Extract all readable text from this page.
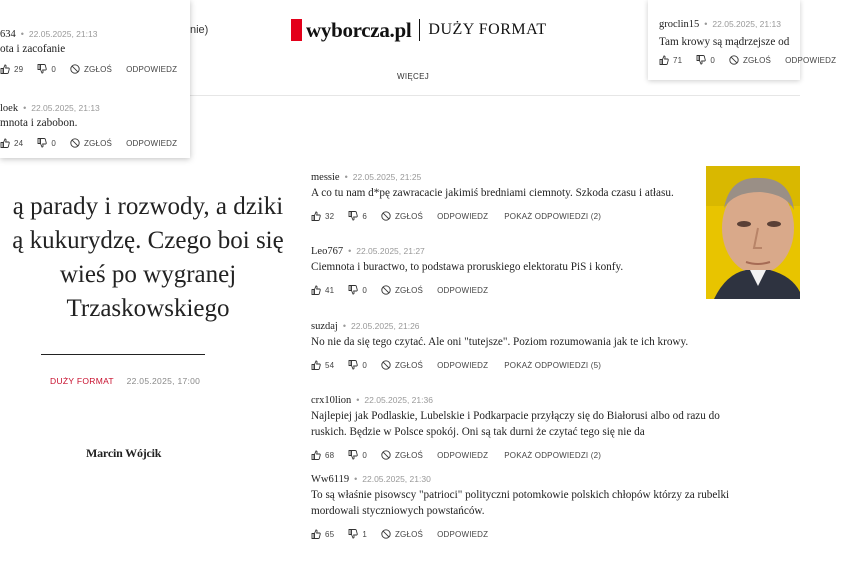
nie)	wyborcza.pl DUŻY FORMAT
WIĘCEJ
ą parady i rozwody, a dziki
ą kukurydzę. Czego boi się
wieś po wygranej
Trzaskowskiego
DUŻY FORMAT 22.05.2025, 17:00
Marcin Wójcik
messie • 22.05.2025, 21:25
A co tu nam d*pę zawracacie jakimiś bredniami ciemnoty. Szkoda czasu i atłasu.
32	6	ZGŁOŚ ODPOWIEDZ POKAŻ ODPOWIEDZI (2)
Leo767 • 22.05.2025, 21:27
Ciemnota i buractwo, to podstawa proruskiego elektoratu PiS i konfy.
41	0	ZGŁOŚ ODPOWIEDZ
suzdaj • 22.05.2025, 21:26
No nie da się tego czytać. Ale oni "tutejsze". Poziom rozumowania jak te ich krowy.
54	0	ZGŁOŚ ODPOWIEDZ POKAŻ ODPOWIEDZI (5)
crx10lion • 22.05.2025, 21:36
Najlepiej jak Podlaskie, Lubelskie i Podkarpacie przyłączy się do Białorusi albo od razu do
ruskich. Będzie w Polsce spokój. Oni są tak durni że czytać tego się nie da
68	0	ZGŁOŚ ODPOWIEDZ POKAŻ ODPOWIEDZI (2)
Ww6119 • 22.05.2025, 21:30
To są właśnie pisowscy "patrioci" polityczni potomkowie polskich chłopów którzy za rubelki
mordowali styczniowych powstańców.
65	1	ZGŁOŚ ODPOWIEDZ
634 • 22.05.2025, 21:13
ota i zacofanie
29	0	ZGŁOŚ ODPOWIEDZ
loek • 22.05.2025, 21:13
mnota i zabobon.
24	0	ZGŁOŚ ODPOWIEDZ
groclin15 • 22.05.2025, 21:13
Tam krowy są mądrzejsze od
71	0	ZGŁOŚ ODPOWIEDZ
